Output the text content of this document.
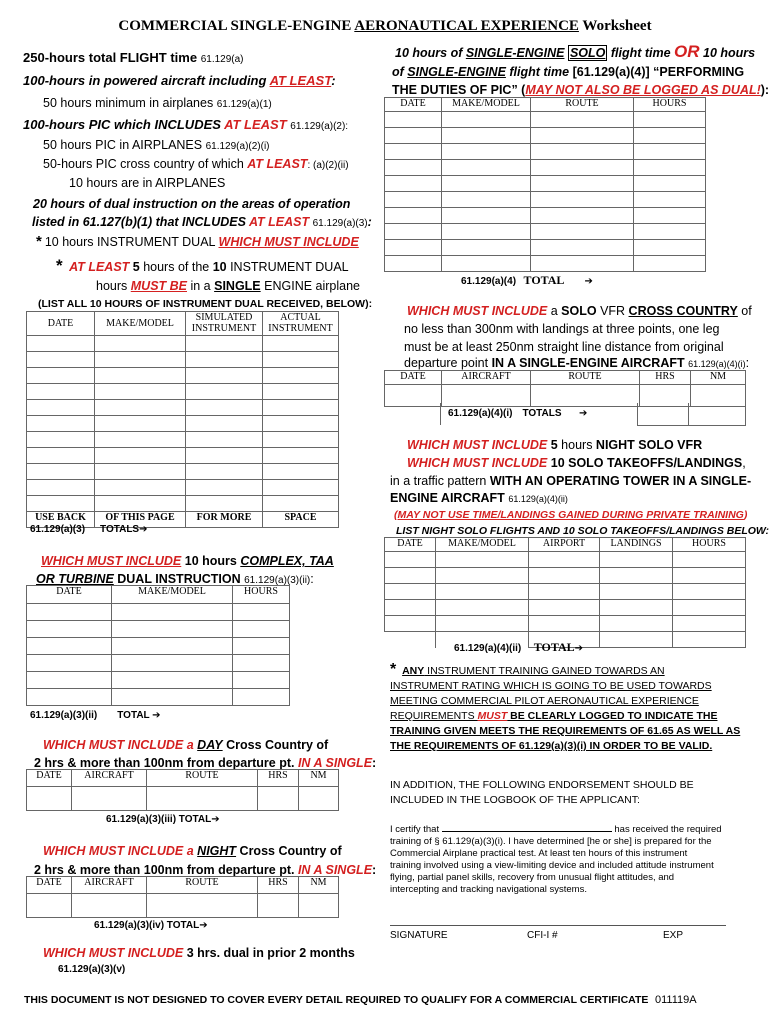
COMMERCIAL SINGLE-ENGINE AERONAUTICAL EXPERIENCE Worksheet
250-hours total FLIGHT time 61.129(a)
100-hours in powered aircraft including AT LEAST:
50 hours minimum in airplanes 61.129(a)(1)
100-hours PIC which INCLUDES AT LEAST 61.129(a)(2):
50 hours PIC in AIRPLANES 61.129(a)(2)(i)
50-hours PIC cross country of which AT LEAST: (a)(2)(ii)
10 hours are in AIRPLANES
20 hours of dual instruction on the areas of operation
listed in 61.127(b)(1) that INCLUDES AT LEAST 61.129(a)(3):
* 10 hours INSTRUMENT DUAL WHICH MUST INCLUDE
* AT LEAST 5 hours of the 10 INSTRUMENT DUAL
hours MUST BE in a SINGLE ENGINE airplane
(LIST ALL 10 HOURS OF INSTRUMENT DUAL RECEIVED, BELOW):
DATE	MAKE/MODEL	SIMULATED INSTRUMENT	ACTUAL INSTRUMENT

USE BACK	OF THIS PAGE	FOR MORE	SPACE
61.129(a)(3) TOTALS➔
WHICH MUST INCLUDE 10 hours COMPLEX, TAA
OR TURBINE DUAL INSTRUCTION 61.129(a)(3)(ii):
DATE	MAKE/MODEL	HOURS

61.129(a)(3)(ii) TOTAL ➔
WHICH MUST INCLUDE a DAY Cross Country of
2 hrs & more than 100nm from departure pt. IN A SINGLE:
DATE	AIRCRAFT	ROUTE	HRS	NM

61.129(a)(3)(iii) TOTAL➔
WHICH MUST INCLUDE a NIGHT Cross Country of
2 hrs & more than 100nm from departure pt. IN A SINGLE:
DATE	AIRCRAFT	ROUTE	HRS	NM

61.129(a)(3)(iv) TOTAL➔
WHICH MUST INCLUDE 3 hrs. dual in prior 2 months
61.129(a)(3)(v)
10 hours of SINGLE-ENGINE SOLO flight time OR 10 hours
of SINGLE-ENGINE flight time [61.129(a)(4)] “PERFORMING
THE DUTIES OF PIC” (MAY NOT ALSO BE LOGGED AS DUAL!):
DATE	MAKE/MODEL	ROUTE	HOURS

61.129(a)(4) TOTAL ➔
WHICH MUST INCLUDE a SOLO VFR CROSS COUNTRY of
no less than 300nm with landings at three points, one leg
must be at least 250nm straight line distance from original
departure point IN A SINGLE-ENGINE AIRCRAFT 61.129(a)(4)(i):
DATE	AIRCRAFT	ROUTE	HRS	NM

61.129(a)(4)(i) TOTALS ➔

WHICH MUST INCLUDE 5 hours NIGHT SOLO VFR
WHICH MUST INCLUDE 10 SOLO TAKEOFFS/LANDINGS,
in a traffic pattern WITH AN OPERATING TOWER IN A SINGLE-
ENGINE AIRCRAFT 61.129(a)(4)(ii)
(MAY NOT USE TIME/LANDINGS GAINED DURING PRIVATE TRAINING)
LIST NIGHT SOLO FLIGHTS AND 10 SOLO TAKEOFFS/LANDINGS BELOW:
DATE	MAKE/MODEL	AIRPORT	LANDINGS	HOURS

61.129(a)(4)(ii) TOTAL➔
* ANY INSTRUMENT TRAINING GAINED TOWARDS AN
INSTRUMENT RATING WHICH IS GOING TO BE USED TOWARDS
MEETING COMMERCIAL PILOT AERONAUTICAL EXPERIENCE
REQUIREMENTS MUST BE CLEARLY LOGGED TO INDICATE THE
TRAINING GIVEN MEETS THE REQUIREMENTS OF 61.65 AS WELL AS
THE REQUIREMENTS OF 61.129(a)(3)(i) IN ORDER TO BE VALID.
IN ADDITION, THE FOLLOWING ENDORSEMENT SHOULD BE
INCLUDED IN THE LOGBOOK OF THE APPLICANT:
I certify that	has received the required
training of § 61.129(a)(3)(i). I have determined [he or she] is prepared for the
Commercial Airplane practical test. At least ten hours of this instrument
training involved using a view-limiting device and included attitude instrument
flying, partial panel skills, recovery from unusual flight attitudes, and
intercepting and tracking navigational systems.
SIGNATURE	CFI-I #	EXP
THIS DOCUMENT IS NOT DESIGNED TO COVER EVERY DETAIL REQUIRED TO QUALIFY FOR A COMMERCIAL CERTIFICATE 011119A
